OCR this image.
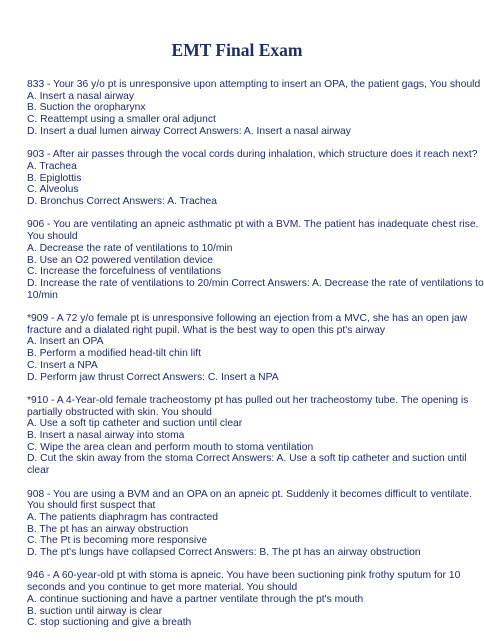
EMT Final Exam
833 - Your 36 y/o pt is unresponsive upon attempting to insert an OPA, the patient gags, You should
A. Insert a nasal airway
B. Suction the oropharynx
C. Reattempt using a smaller oral adjunct
D. Insert a dual lumen airway Correct Answers: A. Insert a nasal airway
903 - After air passes through the vocal cords during inhalation, which structure does it reach next?
A. Trachea
B. Epiglottis
C. Alveolus
D. Bronchus Correct Answers: A. Trachea
906 - You are ventilating an apneic asthmatic pt with a BVM. The patient has inadequate chest rise.
You should
A. Decrease the rate of ventilations to 10/min
B. Use an O2 powered ventilation device
C. Increase the forcefulness of ventilations
D. Increase the rate of ventilations to 20/min Correct Answers: A. Decrease the rate of ventilations to
10/min
*909 - A 72 y/o female pt is unresponsive following an ejection from a MVC, she has an open jaw
fracture and a dialated right pupil. What is the best way to open this pt's airway
A. Insert an OPA
B. Perform a modified head-tilt chin lift
C. Insert a NPA
D. Perform jaw thrust Correct Answers: C. Insert a NPA
*910 - A 4-Year-old female tracheostomy pt has pulled out her tracheostomy tube. The opening is
partially obstructed with skin. You should
A. Use a soft tip catheter and suction until clear
B. Insert a nasal airway into stoma
C. Wipe the area clean and perform mouth to stoma ventilation
D. Cut the skin away from the stoma Correct Answers: A. Use a soft tip catheter and suction until
clear
908 - You are using a BVM and an OPA on an apneic pt. Suddenly it becomes difficult to ventilate.
You should first suspect that
A. The patients diaphragm has contracted
B. The pt has an airway obstruction
C. The Pt is becoming more responsive
D. The pt's lungs have collapsed Correct Answers: B. The pt has an airway obstruction
946 - A 60-year-old pt with stoma is apneic. You have been suctioning pink frothy sputum for 10
seconds and you continue to get more material. You should
A. continue suctioning and have a partner ventilate through the pt's mouth
B. suction until airway is clear
C. stop suctioning and give a breath
